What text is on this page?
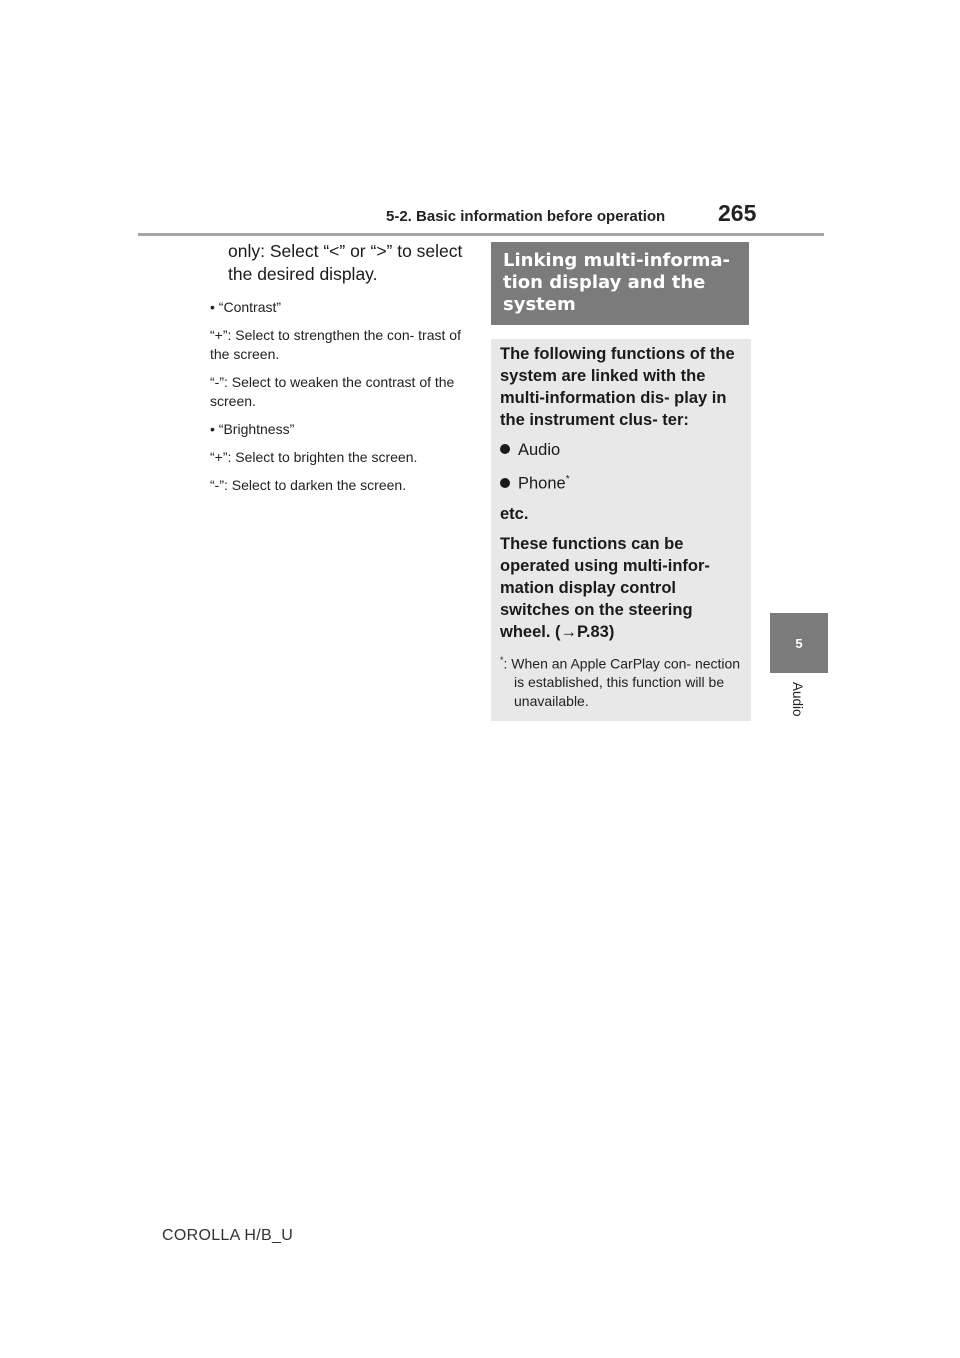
5-2. Basic information before operation 265

only: Select “<” or “>” to select the desired display.

• “Contrast”
“+”: Select to strengthen the con- trast of the screen.
“-”: Select to weaken the contrast of the screen.
• “Brightness”
“+”: Select to brighten the screen.
“-”: Select to darken the screen.
Linking multi-informa- tion display and the system

The following functions of the system are linked with the multi-information dis- play in the instrument clus- ter:

Audio

Phone*

etc.

These functions can be operated using multi-infor- mation display control switches on the steering wheel. (→P.83)

*: When an Apple CarPlay con- nection is established, this function will be unavailable.
5
Audio
COROLLA H/B_U
